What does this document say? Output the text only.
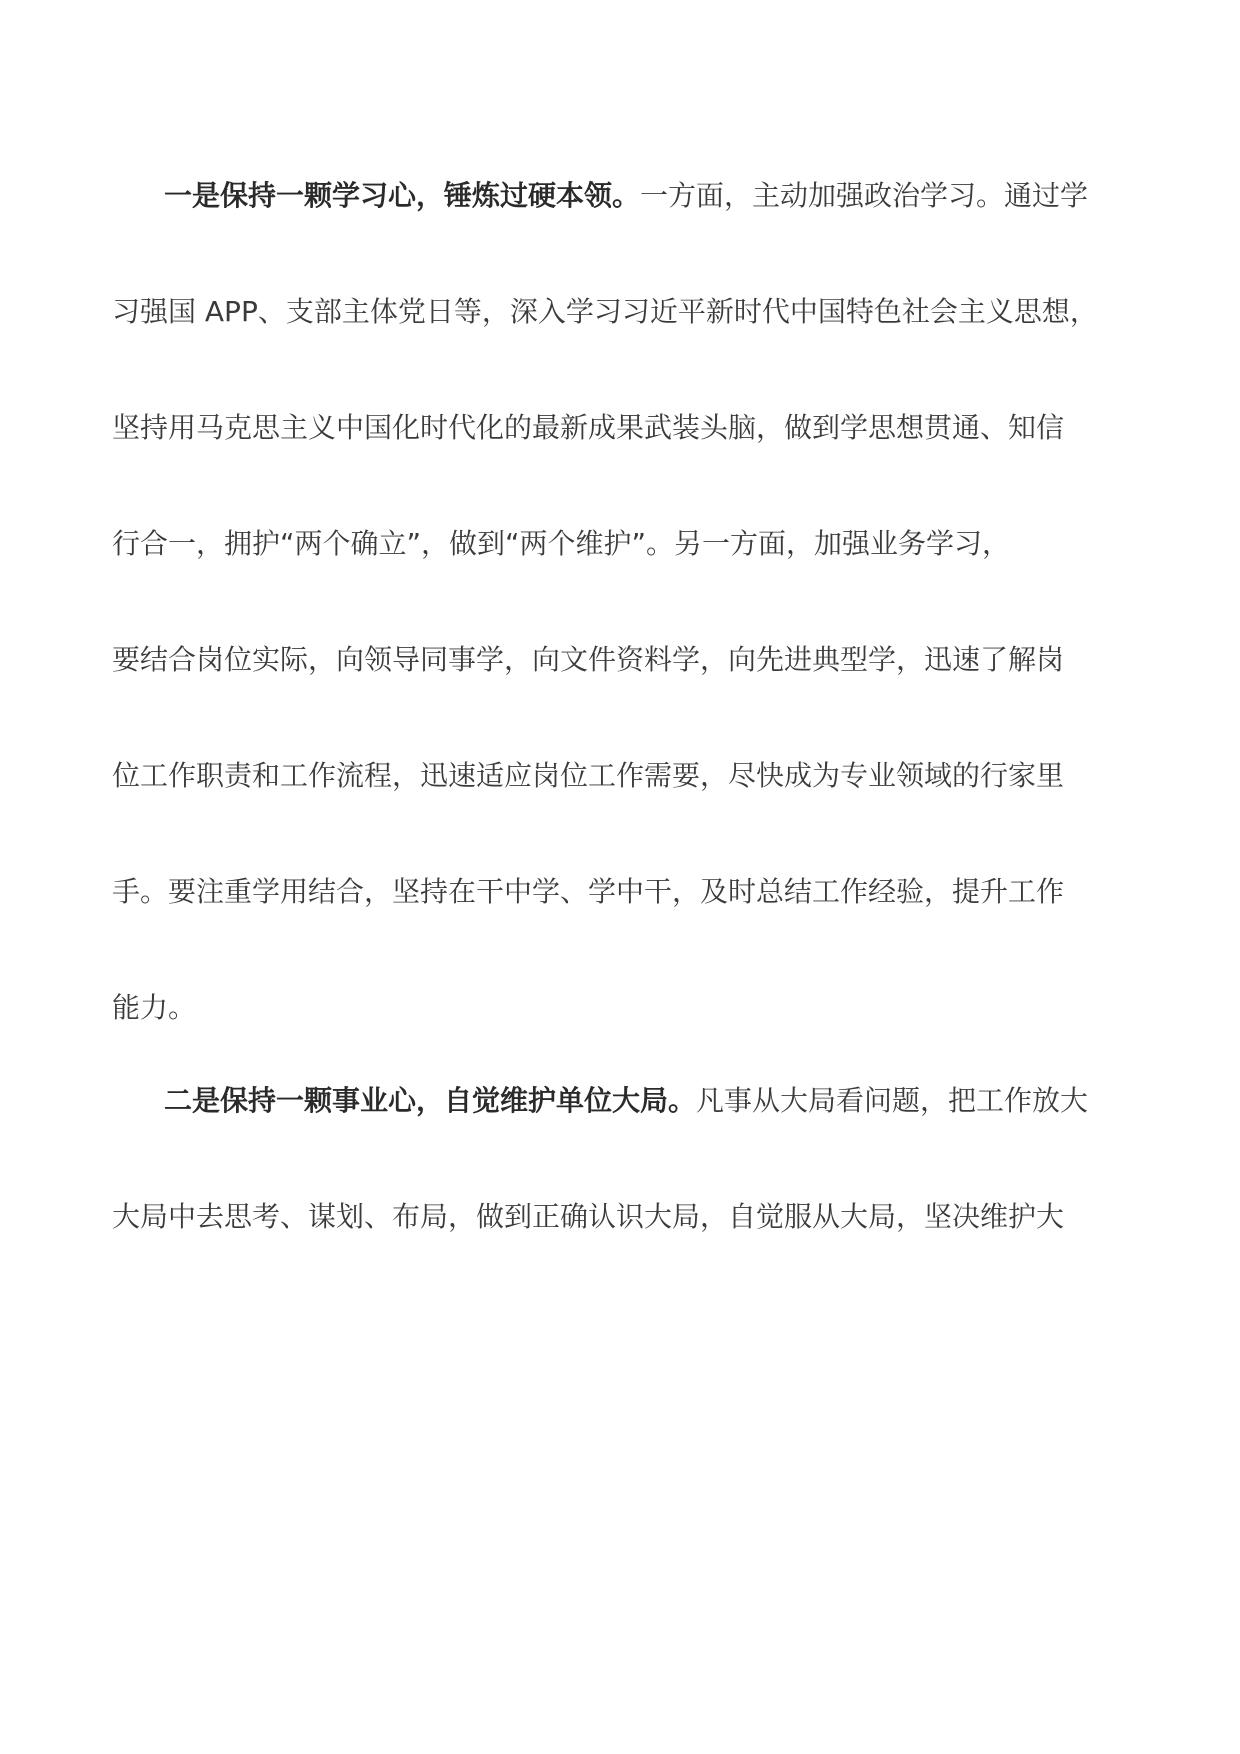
一是保持一颗学习心，锤炼过硬本领。一方面，主动加强政治学习。通过学
习强国 APP、支部主体党日等，深入学习习近平新时代中国特色社会主义思想，
坚持用马克思主义中国化时代化的最新成果武装头脑，做到学思想贯通、知信
行合一，拥护“两个确立”，做到“两个维护”。另一方面，加强业务学习，
要结合岗位实际，向领导同事学，向文件资料学，向先进典型学，迅速了解岗
位工作职责和工作流程，迅速适应岗位工作需要，尽快成为专业领域的行家里
手。要注重学用结合，坚持在干中学、学中干，及时总结工作经验，提升工作
能力。
二是保持一颗事业心，自觉维护单位大局。凡事从大局看问题，把工作放大
大局中去思考、谋划、布局，做到正确认识大局，自觉服从大局，坚决维护大
